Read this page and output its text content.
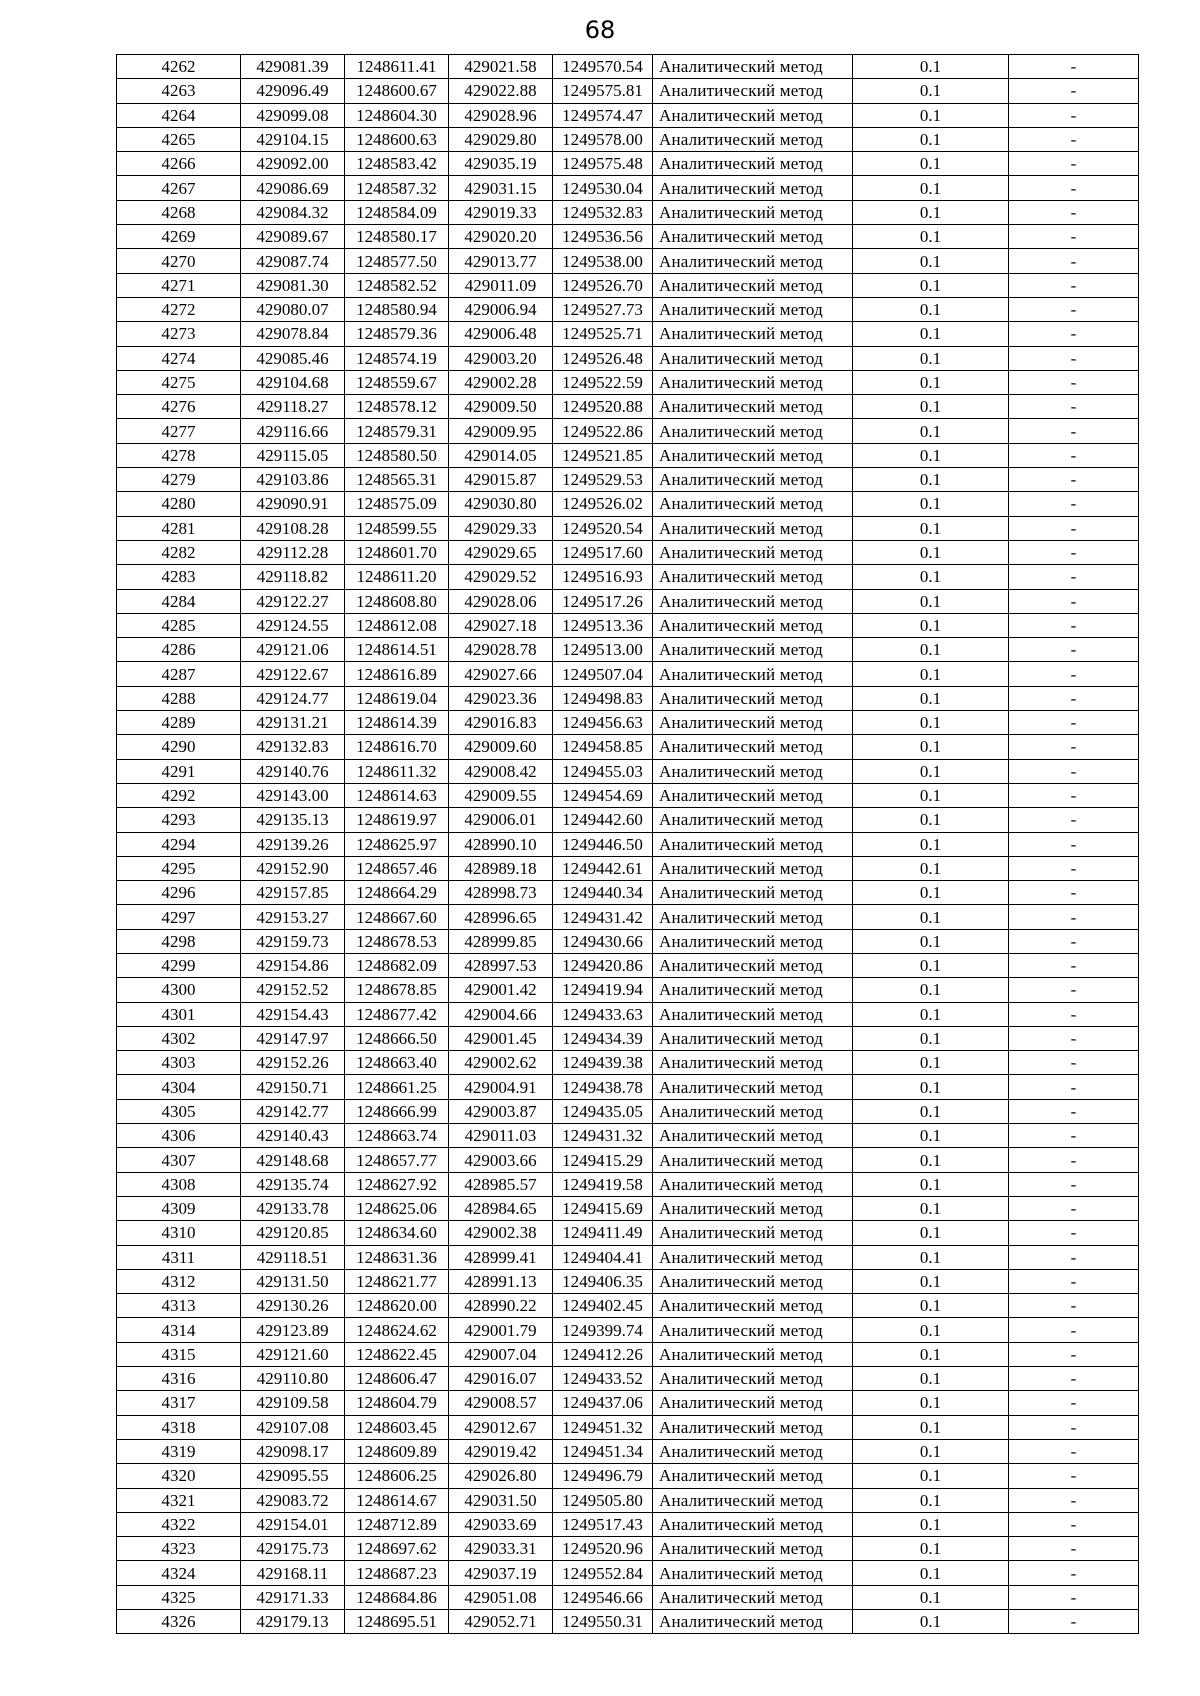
68
4262	429081.39	1248611.41	429021.58	1249570.54	Аналитический метод	0.1	-
4263	429096.49	1248600.67	429022.88	1249575.81	Аналитический метод	0.1	-
4264	429099.08	1248604.30	429028.96	1249574.47	Аналитический метод	0.1	-
4265	429104.15	1248600.63	429029.80	1249578.00	Аналитический метод	0.1	-
4266	429092.00	1248583.42	429035.19	1249575.48	Аналитический метод	0.1	-
4267	429086.69	1248587.32	429031.15	1249530.04	Аналитический метод	0.1	-
4268	429084.32	1248584.09	429019.33	1249532.83	Аналитический метод	0.1	-
4269	429089.67	1248580.17	429020.20	1249536.56	Аналитический метод	0.1	-
4270	429087.74	1248577.50	429013.77	1249538.00	Аналитический метод	0.1	-
4271	429081.30	1248582.52	429011.09	1249526.70	Аналитический метод	0.1	-
4272	429080.07	1248580.94	429006.94	1249527.73	Аналитический метод	0.1	-
4273	429078.84	1248579.36	429006.48	1249525.71	Аналитический метод	0.1	-
4274	429085.46	1248574.19	429003.20	1249526.48	Аналитический метод	0.1	-
4275	429104.68	1248559.67	429002.28	1249522.59	Аналитический метод	0.1	-
4276	429118.27	1248578.12	429009.50	1249520.88	Аналитический метод	0.1	-
4277	429116.66	1248579.31	429009.95	1249522.86	Аналитический метод	0.1	-
4278	429115.05	1248580.50	429014.05	1249521.85	Аналитический метод	0.1	-
4279	429103.86	1248565.31	429015.87	1249529.53	Аналитический метод	0.1	-
4280	429090.91	1248575.09	429030.80	1249526.02	Аналитический метод	0.1	-
4281	429108.28	1248599.55	429029.33	1249520.54	Аналитический метод	0.1	-
4282	429112.28	1248601.70	429029.65	1249517.60	Аналитический метод	0.1	-
4283	429118.82	1248611.20	429029.52	1249516.93	Аналитический метод	0.1	-
4284	429122.27	1248608.80	429028.06	1249517.26	Аналитический метод	0.1	-
4285	429124.55	1248612.08	429027.18	1249513.36	Аналитический метод	0.1	-
4286	429121.06	1248614.51	429028.78	1249513.00	Аналитический метод	0.1	-
4287	429122.67	1248616.89	429027.66	1249507.04	Аналитический метод	0.1	-
4288	429124.77	1248619.04	429023.36	1249498.83	Аналитический метод	0.1	-
4289	429131.21	1248614.39	429016.83	1249456.63	Аналитический метод	0.1	-
4290	429132.83	1248616.70	429009.60	1249458.85	Аналитический метод	0.1	-
4291	429140.76	1248611.32	429008.42	1249455.03	Аналитический метод	0.1	-
4292	429143.00	1248614.63	429009.55	1249454.69	Аналитический метод	0.1	-
4293	429135.13	1248619.97	429006.01	1249442.60	Аналитический метод	0.1	-
4294	429139.26	1248625.97	428990.10	1249446.50	Аналитический метод	0.1	-
4295	429152.90	1248657.46	428989.18	1249442.61	Аналитический метод	0.1	-
4296	429157.85	1248664.29	428998.73	1249440.34	Аналитический метод	0.1	-
4297	429153.27	1248667.60	428996.65	1249431.42	Аналитический метод	0.1	-
4298	429159.73	1248678.53	428999.85	1249430.66	Аналитический метод	0.1	-
4299	429154.86	1248682.09	428997.53	1249420.86	Аналитический метод	0.1	-
4300	429152.52	1248678.85	429001.42	1249419.94	Аналитический метод	0.1	-
4301	429154.43	1248677.42	429004.66	1249433.63	Аналитический метод	0.1	-
4302	429147.97	1248666.50	429001.45	1249434.39	Аналитический метод	0.1	-
4303	429152.26	1248663.40	429002.62	1249439.38	Аналитический метод	0.1	-
4304	429150.71	1248661.25	429004.91	1249438.78	Аналитический метод	0.1	-
4305	429142.77	1248666.99	429003.87	1249435.05	Аналитический метод	0.1	-
4306	429140.43	1248663.74	429011.03	1249431.32	Аналитический метод	0.1	-
4307	429148.68	1248657.77	429003.66	1249415.29	Аналитический метод	0.1	-
4308	429135.74	1248627.92	428985.57	1249419.58	Аналитический метод	0.1	-
4309	429133.78	1248625.06	428984.65	1249415.69	Аналитический метод	0.1	-
4310	429120.85	1248634.60	429002.38	1249411.49	Аналитический метод	0.1	-
4311	429118.51	1248631.36	428999.41	1249404.41	Аналитический метод	0.1	-
4312	429131.50	1248621.77	428991.13	1249406.35	Аналитический метод	0.1	-
4313	429130.26	1248620.00	428990.22	1249402.45	Аналитический метод	0.1	-
4314	429123.89	1248624.62	429001.79	1249399.74	Аналитический метод	0.1	-
4315	429121.60	1248622.45	429007.04	1249412.26	Аналитический метод	0.1	-
4316	429110.80	1248606.47	429016.07	1249433.52	Аналитический метод	0.1	-
4317	429109.58	1248604.79	429008.57	1249437.06	Аналитический метод	0.1	-
4318	429107.08	1248603.45	429012.67	1249451.32	Аналитический метод	0.1	-
4319	429098.17	1248609.89	429019.42	1249451.34	Аналитический метод	0.1	-
4320	429095.55	1248606.25	429026.80	1249496.79	Аналитический метод	0.1	-
4321	429083.72	1248614.67	429031.50	1249505.80	Аналитический метод	0.1	-
4322	429154.01	1248712.89	429033.69	1249517.43	Аналитический метод	0.1	-
4323	429175.73	1248697.62	429033.31	1249520.96	Аналитический метод	0.1	-
4324	429168.11	1248687.23	429037.19	1249552.84	Аналитический метод	0.1	-
4325	429171.33	1248684.86	429051.08	1249546.66	Аналитический метод	0.1	-
4326	429179.13	1248695.51	429052.71	1249550.31	Аналитический метод	0.1	-
